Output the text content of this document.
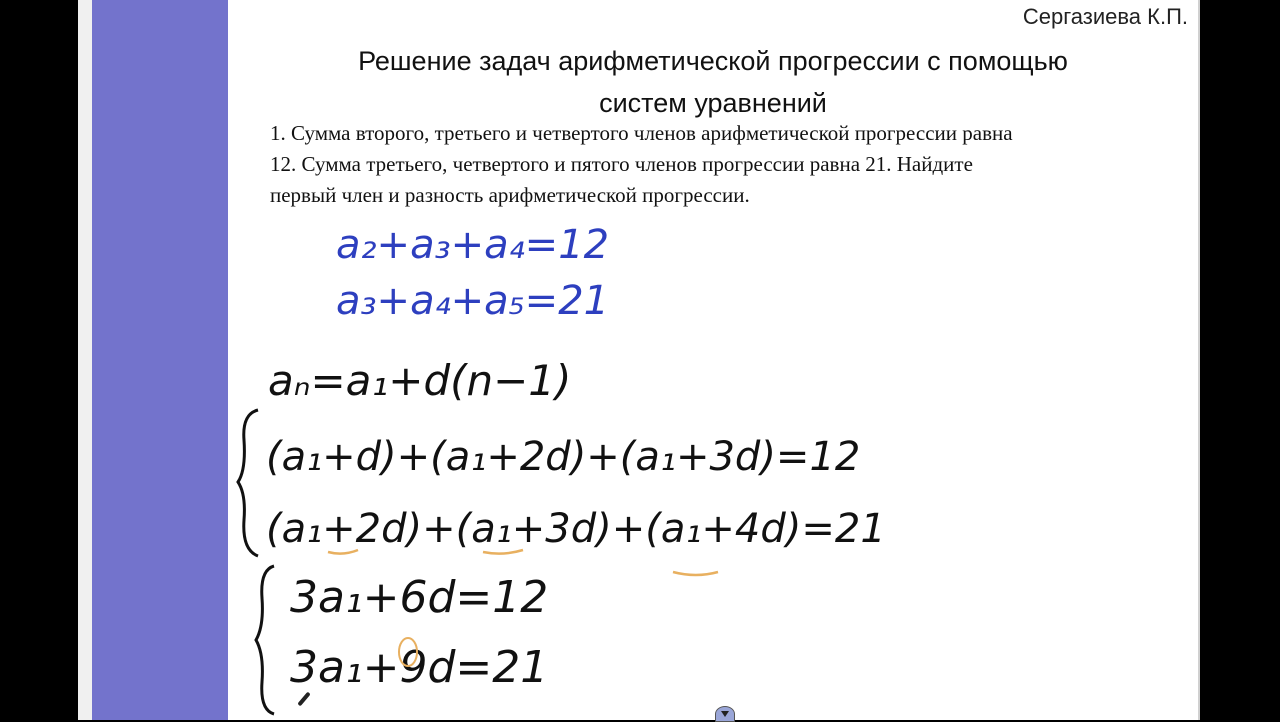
Сергазиева К.П.
Решение задач арифметической прогрессии с помощью
систем уравнений
1. Сумма второго, третьего и четвертого членов арифметической прогрессии равна
12. Сумма третьего, четвертого и пятого членов прогрессии равна 21. Найдите
первый член и разность арифметической прогрессии.
a₂+a₃+a₄=12
a₃+a₄+a₅=21
aₙ=a₁+d(n−1)
(a₁+d)+(a₁+2d)+(a₁+3d)=12
(a₁+2d)+(a₁+3d)+(a₁+4d)=21
3a₁+6d=12
3a₁+9d=21
